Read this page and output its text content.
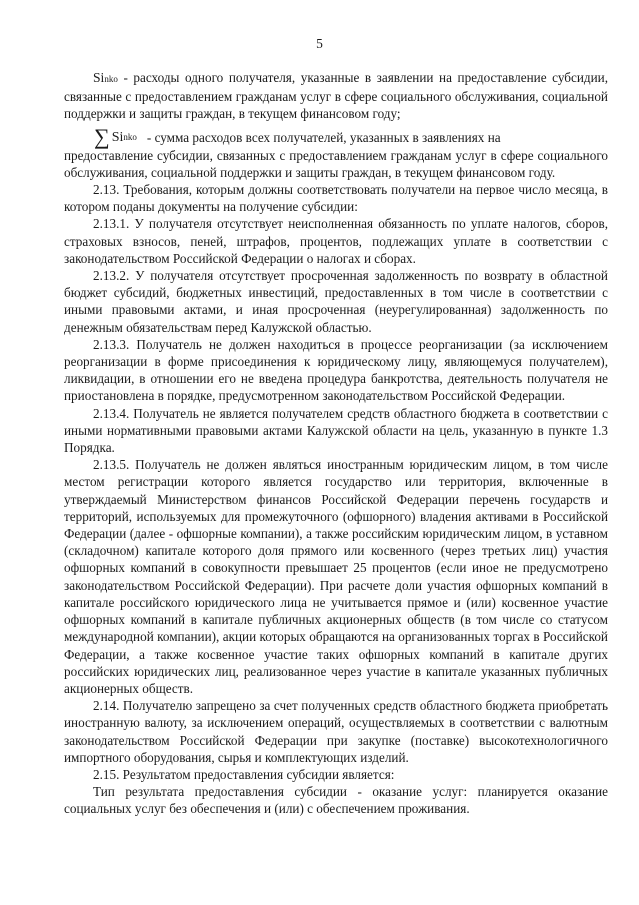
5

Sinko - расходы одного получателя, указанные в заявлении на предоставление субсидии, связанные с предоставлением гражданам услуг в сфере социального обслуживания, социальной поддержки и защиты граждан, в текущем финансовом году;

∑ Si nko - сумма расходов всех получателей, указанных в заявлениях на

предоставление субсидии, связанных с предоставлением гражданам услуг в сфере социального обслуживания, социальной поддержки и защиты граждан, в текущем финансовом году.

2.13. Требования, которым должны соответствовать получатели на первое число месяца, в котором поданы документы на получение субсидии:

2.13.1. У получателя отсутствует неисполненная обязанность по уплате налогов, сборов, страховых взносов, пеней, штрафов, процентов, подлежащих уплате в соответствии с законодательством Российской Федерации о налогах и сборах.

2.13.2. У получателя отсутствует просроченная задолженность по возврату в областной бюджет субсидий, бюджетных инвестиций, предоставленных в том числе в соответствии с иными правовыми актами, и иная просроченная (неурегулированная) задолженность по денежным обязательствам перед Калужской областью.

2.13.3. Получатель не должен находиться в процессе реорганизации (за исключением реорганизации в форме присоединения к юридическому лицу, являющемуся получателем), ликвидации, в отношении его не введена процедура банкротства, деятельность получателя не приостановлена в порядке, предусмотренном законодательством Российской Федерации.

2.13.4. Получатель не является получателем средств областного бюджета в соответствии с иными нормативными правовыми актами Калужской области на цель, указанную в пункте 1.3 Порядка.

2.13.5. Получатель не должен являться иностранным юридическим лицом, в том числе местом регистрации которого является государство или территория, включенные в утверждаемый Министерством финансов Российской Федерации перечень государств и территорий, используемых для промежуточного (офшорного) владения активами в Российской Федерации (далее - офшорные компании), а также российским юридическим лицом, в уставном (складочном) капитале которого доля прямого или косвенного (через третьих лиц) участия офшорных компаний в совокупности превышает 25 процентов (если иное не предусмотрено законодательством Российской Федерации). При расчете доли участия офшорных компаний в капитале российского юридического лица не учитывается прямое и (или) косвенное участие офшорных компаний в капитале публичных акционерных обществ (в том числе со статусом международной компании), акции которых обращаются на организованных торгах в Российской Федерации, а также косвенное участие таких офшорных компаний в капитале других российских юридических лиц, реализованное через участие в капитале указанных публичных акционерных обществ.

2.14. Получателю запрещено за счет полученных средств областного бюджета приобретать иностранную валюту, за исключением операций, осуществляемых в соответствии с валютным законодательством Российской Федерации при закупке (поставке) высокотехнологичного импортного оборудования, сырья и комплектующих изделий.

2.15. Результатом предоставления субсидии является:

Тип результата предоставления субсидии - оказание услуг: планируется оказание социальных услуг без обеспечения и (или) с обеспечением проживания.
